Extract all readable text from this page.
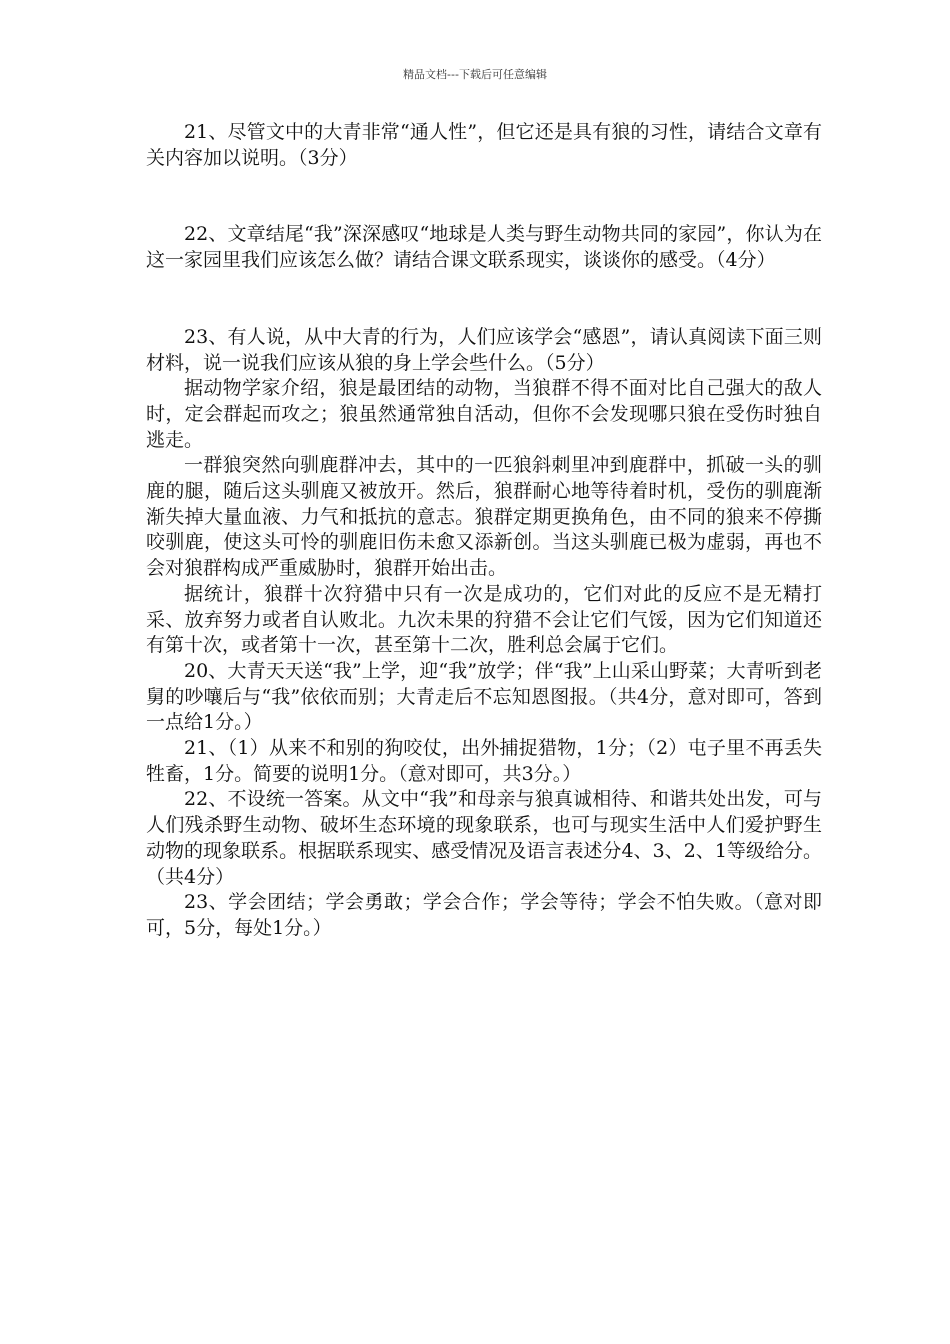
精品文档---下载后可任意编辑

21、尽管文中的大青非常“通人性”，但它还是具有狼的习性，请结合文章有关内容加以说明。（3分）

22、文章结尾“我”深深感叹“地球是人类与野生动物共同的家园”，你认为在这一家园里我们应该怎么做？请结合课文联系现实，谈谈你的感受。（4分）

23、有人说，从中大青的行为，人们应该学会“感恩”，请认真阅读下面三则材料，说一说我们应该从狼的身上学会些什么。（5分）

据动物学家介绍，狼是最团结的动物，当狼群不得不面对比自己强大的敌人时，定会群起而攻之；狼虽然通常独自活动，但你不会发现哪只狼在受伤时独自逃走。

一群狼突然向驯鹿群冲去，其中的一匹狼斜刺里冲到鹿群中，抓破一头的驯鹿的腿，随后这头驯鹿又被放开。然后，狼群耐心地等待着时机，受伤的驯鹿渐渐失掉大量血液、力气和抵抗的意志。狼群定期更换角色，由不同的狼来不停撕咬驯鹿，使这头可怜的驯鹿旧伤未愈又添新创。当这头驯鹿已极为虚弱，再也不会对狼群构成严重威胁时，狼群开始出击。

据统计，狼群十次狩猎中只有一次是成功的，它们对此的反应不是无精打采、放弃努力或者自认败北。九次未果的狩猎不会让它们气馁，因为它们知道还有第十次，或者第十一次，甚至第十二次，胜利总会属于它们。

20、大青天天送“我”上学，迎“我”放学；伴“我”上山采山野菜；大青听到老舅的吵嚷后与“我”依依而别；大青走后不忘知恩图报。（共4分，意对即可，答到一点给1分。）

21、（1）从来不和别的狗咬仗，出外捕捉猎物，1分；（2）屯子里不再丢失牲畜，1分。简要的说明1分。（意对即可，共3分。）

22、不设统一答案。从文中“我”和母亲与狼真诚相待、和谐共处出发，可与人们残杀野生动物、破坏生态环境的现象联系，也可与现实生活中人们爱护野生动物的现象联系。根据联系现实、感受情况及语言表述分4、3、2、1等级给分。（共4分）

23、学会团结；学会勇敢；学会合作；学会等待；学会不怕失败。（意对即可，5分，每处1分。）
